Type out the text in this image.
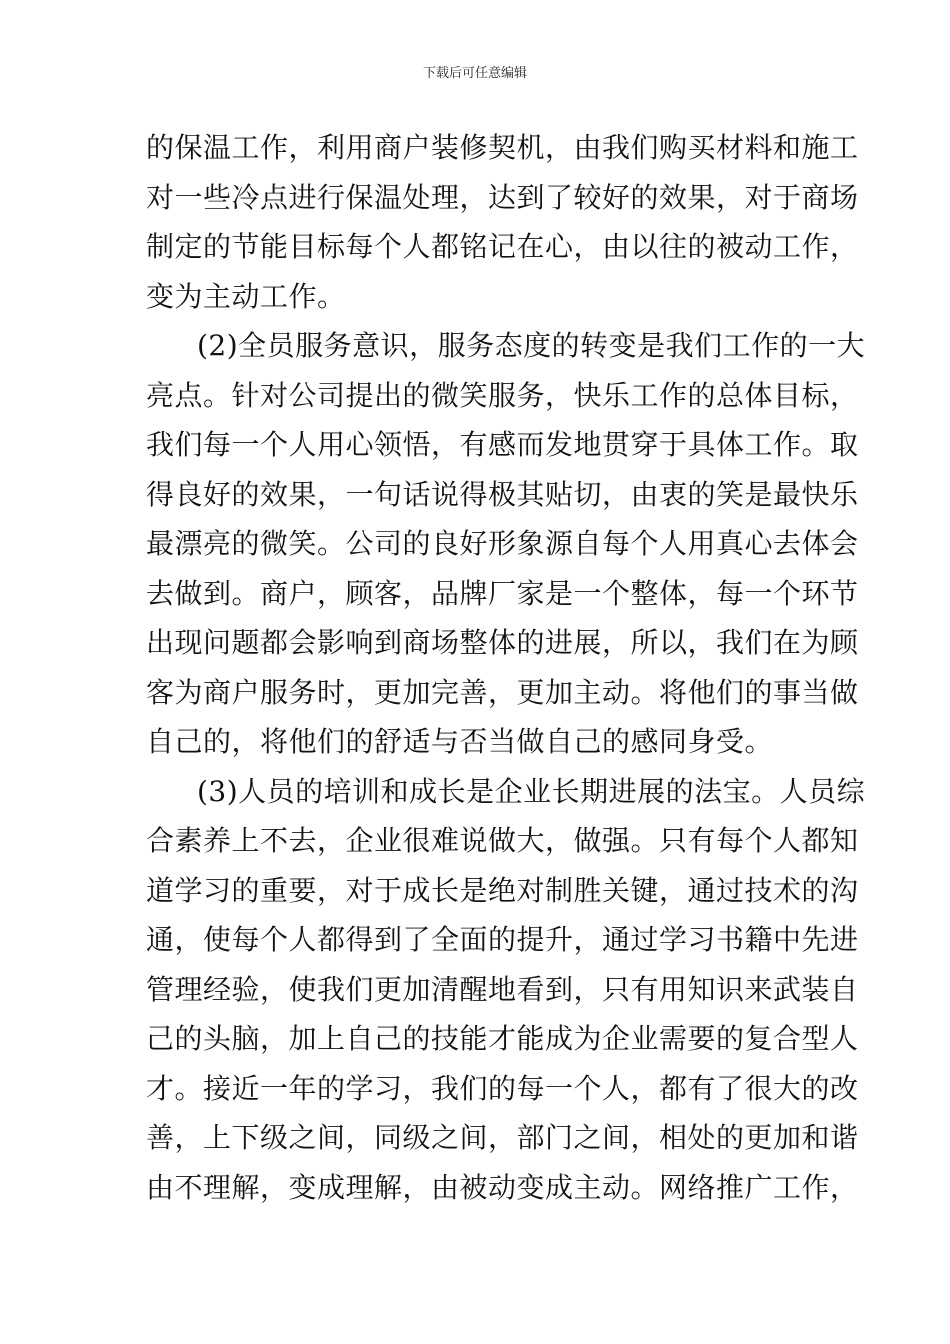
下载后可任意编辑
的保温工作，利用商户装修契机，由我们购买材料和施工
对一些冷点进行保温处理，达到了较好的效果，对于商场
制定的节能目标每个人都铭记在心，由以往的被动工作，
变为主动工作。
(2)全员服务意识，服务态度的转变是我们工作的一大
亮点。针对公司提出的微笑服务，快乐工作的总体目标，
我们每一个人用心领悟，有感而发地贯穿于具体工作。取
得良好的效果，一句话说得极其贴切，由衷的笑是最快乐
最漂亮的微笑。公司的良好形象源自每个人用真心去体会
去做到。商户，顾客，品牌厂家是一个整体，每一个环节
出现问题都会影响到商场整体的进展，所以，我们在为顾
客为商户服务时，更加完善，更加主动。将他们的事当做
自己的，将他们的舒适与否当做自己的感同身受。
(3)人员的培训和成长是企业长期进展的法宝。人员综
合素养上不去，企业很难说做大，做强。只有每个人都知
道学习的重要，对于成长是绝对制胜关键，通过技术的沟
通，使每个人都得到了全面的提升，通过学习书籍中先进
管理经验，使我们更加清醒地看到，只有用知识来武装自
己的头脑，加上自己的技能才能成为企业需要的复合型人
才。接近一年的学习，我们的每一个人，都有了很大的改
善，上下级之间，同级之间，部门之间，相处的更加和谐
由不理解，变成理解，由被动变成主动。网络推广工作，
